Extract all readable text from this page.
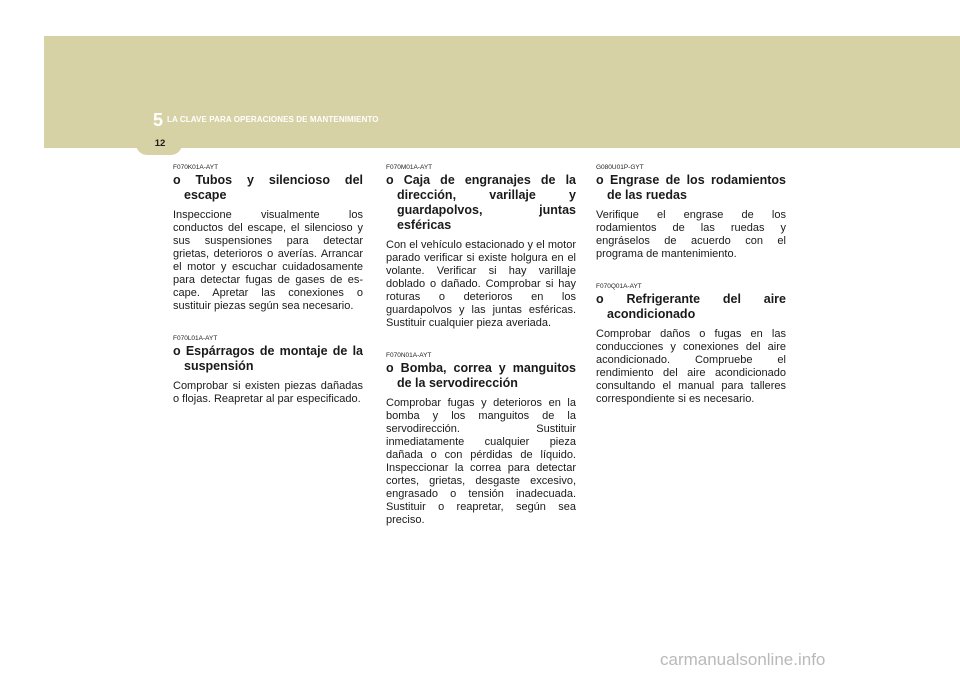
5 LA CLAVE PARA OPERACIONES DE MANTENIMIENTO
12

F070K01A-AYT

o Tubos y silencioso del escape

Inspeccione visualmente los conductos del escape, el silencioso y sus suspensiones para detectar grietas, deterioros o averías. Arrancar el motor y escuchar cuidadosamente para detectar fugas de gases de es-cape. Apretar las conexiones o sustituir piezas según sea necesario.

F070L01A-AYT

o Espárragos de montaje de la suspensión

Comprobar si existen piezas dañadas o flojas. Reapretar al par especificado.

F070M01A-AYT

o Caja de engranajes de la dirección, varillaje y guardapolvos, juntas esféricas

Con el vehículo estacionado y el motor parado verificar si existe holgura en el volante. Verificar si hay varillaje doblado o dañado. Comprobar si hay roturas o deterioros en los guardapolvos y las juntas esféricas. Sustituir cualquier pieza averiada.

F070N01A-AYT

o Bomba, correa y manguitos de la servodirección

Comprobar fugas y deterioros en la bomba y los manguitos de la servodirección. Sustituir inmediatamente cualquier pieza dañada o con pérdidas de líquido. Inspeccionar la correa para detectar cortes, grietas, desgaste excesivo, engrasado o tensión inadecuada. Sustituir o reapretar, según sea preciso.

G080U01P-GYT

o Engrase de los rodamientos de las ruedas

Verifique el engrase de los rodamientos de las ruedas y engráselos de acuerdo con el programa de mantenimiento.

F070Q01A-AYT

o Refrigerante del aire acondicionado

Comprobar daños o fugas en las conducciones y conexiones del aire acondicionado. Compruebe el rendimiento del aire acondicionado consultando el manual para talleres correspondiente si es necesario.

carmanualsonline.info
